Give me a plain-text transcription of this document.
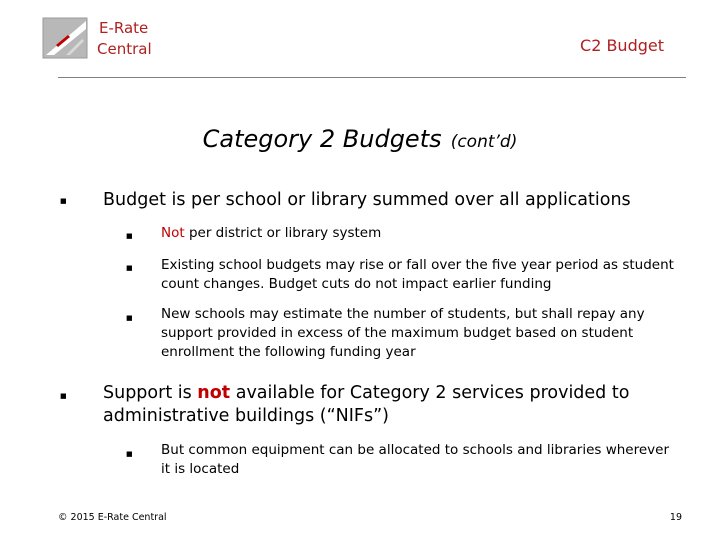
E-Rate
Central	C2 Budget
Category 2 Budgets (cont’d)
■ Budget is per school or library summed over all applications
■ Not per district or library system
■ Existing school budgets may rise or fall over the five year period as student count changes. Budget cuts do not impact earlier funding
■ New schools may estimate the number of students, but shall repay any support provided in excess of the maximum budget based on student enrollment the following funding year
■ Support is not available for Category 2 services provided to administrative buildings (“NIFs”)
■ But common equipment can be allocated to schools and libraries wherever it is located
© 2015 E-Rate Central	19
